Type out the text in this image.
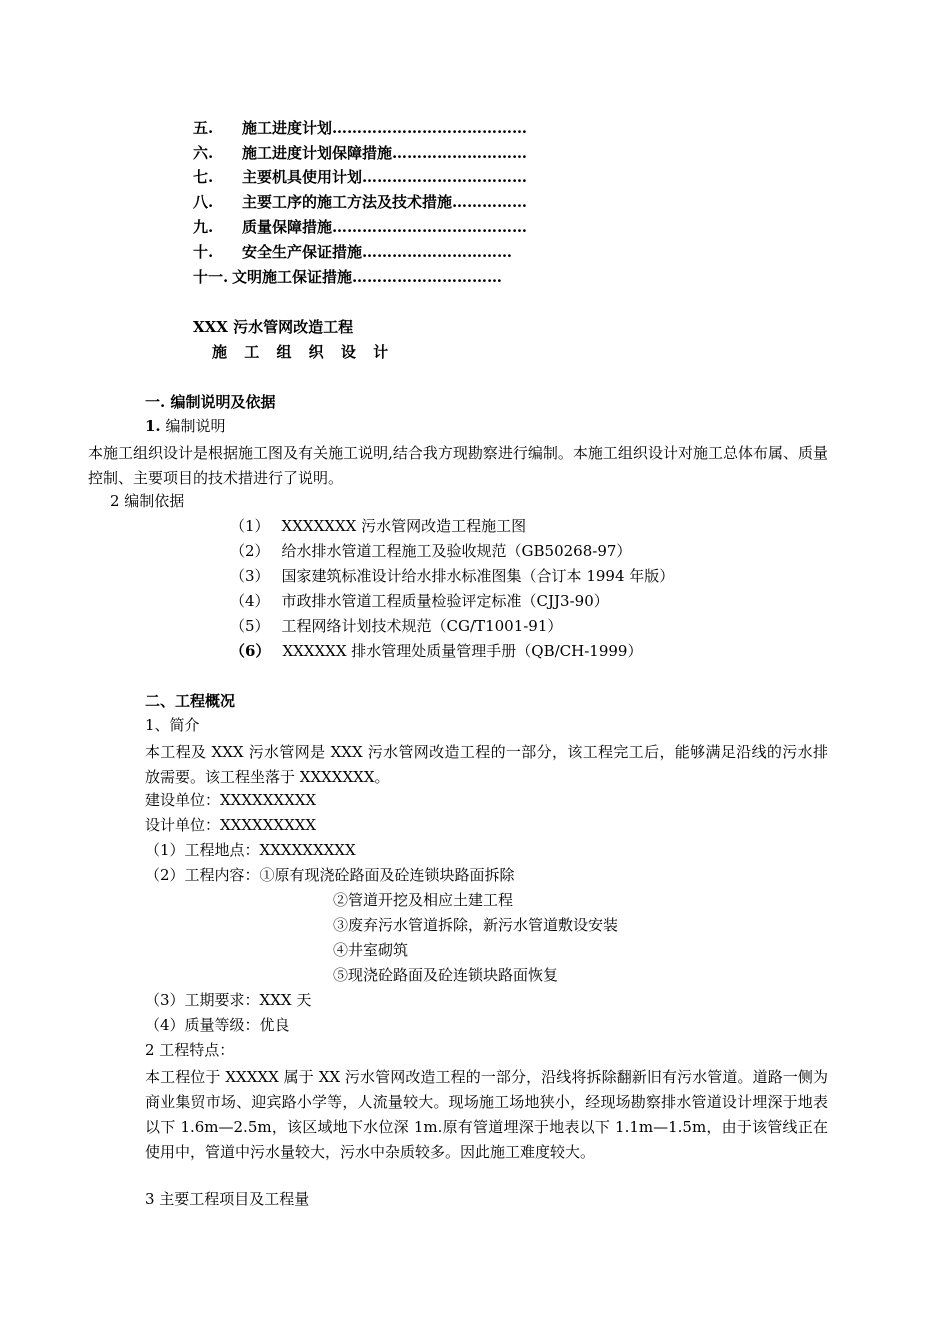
五.	施工进度计划…………………………………
六.	施工进度计划保障措施………………………
七.	主要机具使用计划……………………………
八.	主要工序的施工方法及技术措施……………
九.	质量保障措施…………………………………
十.	安全生产保证措施…………………………
十一. 文明施工保证措施…………………………
XXX 污水管网改造工程
施 工 组 织 设 计
一. 编制说明及依据
1. 编制说明
本施工组织设计是根据施工图及有关施工说明,结合我方现勘察进行编制。本施工组织设计对施工总体布属、质量控制、主要项目的技术措进行了说明。
2 编制依据
（1） XXXXXXX 污水管网改造工程施工图
（2） 给水排水管道工程施工及验收规范（GB50268-97）
（3） 国家建筑标准设计给水排水标准图集（合订本 1994 年版）
（4） 市政排水管道工程质量检验评定标准（CJJ3-90）
（5） 工程网络计划技术规范（CG/T1001-91）
（6） XXXXXX 排水管理处质量管理手册（QB/CH-1999）
二、工程概况
1、简介
本工程及 XXX 污水管网是 XXX 污水管网改造工程的一部分，该工程完工后，能够满足沿线的污水排放需要。该工程坐落于 XXXXXXX。
建设单位：XXXXXXXXX
设计单位：XXXXXXXXX
（1）工程地点：XXXXXXXXX
（2）工程内容：①原有现浇砼路面及砼连锁块路面拆除
②管道开挖及相应土建工程
③废弃污水管道拆除，新污水管道敷设安装
④井室砌筑
⑤现浇砼路面及砼连锁块路面恢复
（3）工期要求：XXX 天
（4）质量等级：优良
2 工程特点：
本工程位于 XXXXX 属于 XX 污水管网改造工程的一部分，沿线将拆除翻新旧有污水管道。道路一侧为商业集贸市场、迎宾路小学等，人流量较大。现场施工场地狭小，经现场勘察排水管道设计埋深于地表以下 1.6m—2.5m，该区域地下水位深 1m.原有管道埋深于地表以下 1.1m—1.5m，由于该管线正在使用中，管道中污水量较大，污水中杂质较多。因此施工难度较大。
3 主要工程项目及工程量
